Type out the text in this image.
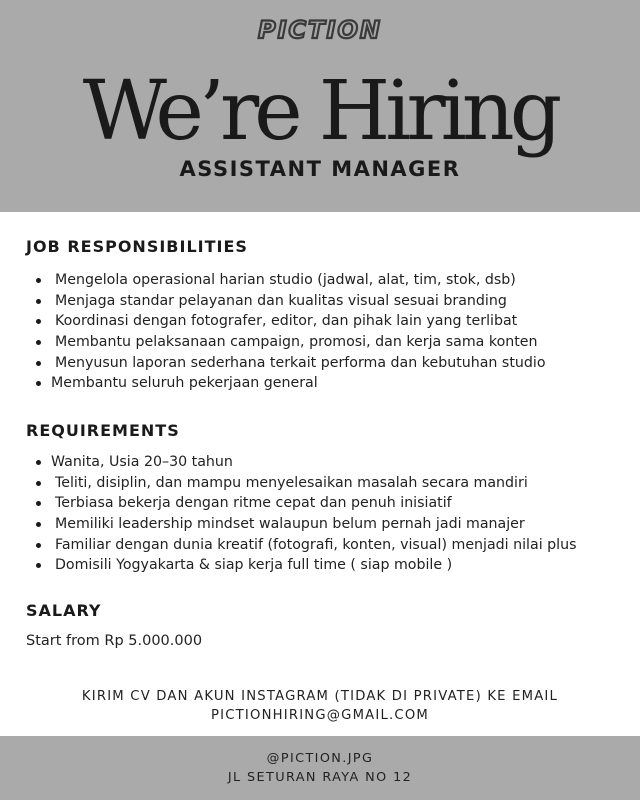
PICTION
We’re Hiring
ASSISTANT MANAGER
JOB RESPONSIBILITIES
Mengelola operasional harian studio (jadwal, alat, tim, stok, dsb)
Menjaga standar pelayanan dan kualitas visual sesuai branding
Koordinasi dengan fotografer, editor, dan pihak lain yang terlibat
Membantu pelaksanaan campaign, promosi, dan kerja sama konten
Menyusun laporan sederhana terkait performa dan kebutuhan studio
Membantu seluruh pekerjaan general
REQUIREMENTS
Wanita, Usia 20–30 tahun
Teliti, disiplin, dan mampu menyelesaikan masalah secara mandiri
Terbiasa bekerja dengan ritme cepat dan penuh inisiatif
Memiliki leadership mindset walaupun belum pernah jadi manajer
Familiar dengan dunia kreatif (fotografi, konten, visual) menjadi nilai plus
Domisili Yogyakarta & siap kerja full time ( siap mobile )
SALARY
Start from Rp 5.000.000
KIRIM CV DAN AKUN INSTAGRAM (TIDAK DI PRIVATE) KE EMAIL
PICTIONHIRING@GMAIL.COM
@PICTION.JPG
JL SETURAN RAYA NO 12
